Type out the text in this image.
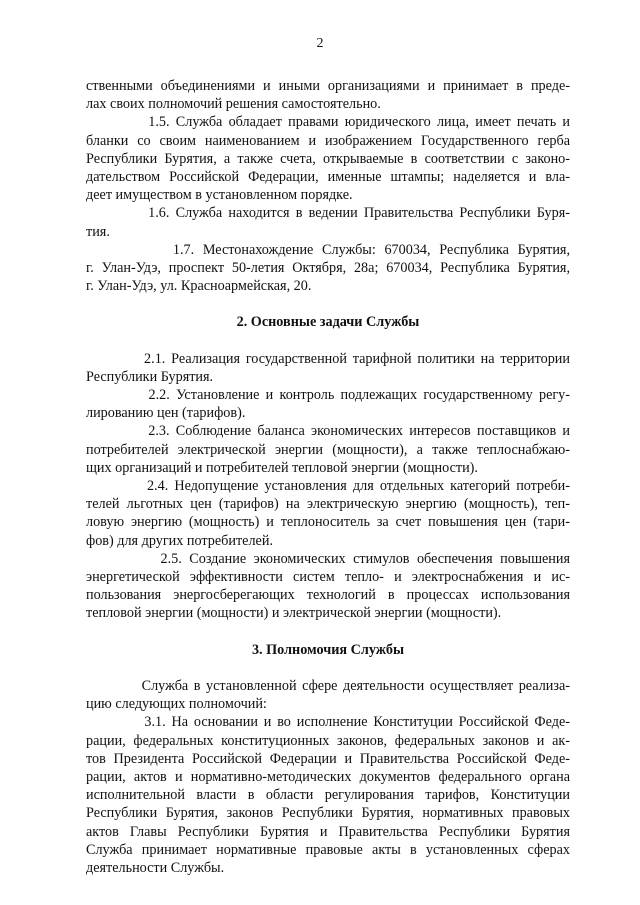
2

ственными объединениями и иными организациями и принимает в преде-
лах своих полномочий решения самостоятельно.

1.5. Служба обладает правами юридического лица, имеет печать и
бланки со своим наименованием и изображением Государственного герба
Республики Бурятия, а также счета, открываемые в соответствии с законо-
дательством Российской Федерации, именные штампы; наделяется и вла-
деет имуществом в установленном порядке.

1.6. Служба находится в ведении Правительства Республики Буря-
тия.

1.7. Местонахождение Службы: 670034, Республика Бурятия,
г. Улан-Удэ, проспект 50-летия Октября, 28а; 670034, Республика Бурятия,
г. Улан-Удэ, ул. Красноармейская, 20.

2. Основные задачи Службы

2.1. Реализация государственной тарифной политики на территории
Республики Бурятия.

2.2. Установление и контроль подлежащих государственному регу-
лированию цен (тарифов).

2.3. Соблюдение баланса экономических интересов поставщиков и
потребителей электрической энергии (мощности), а также теплоснабжаю-
щих организаций и потребителей тепловой энергии (мощности).

2.4. Недопущение установления для отдельных категорий потреби-
телей льготных цен (тарифов) на электрическую энергию (мощность), теп-
ловую энергию (мощность) и теплоноситель за счет повышения цен (тари-
фов) для других потребителей.

2.5. Создание экономических стимулов обеспечения повышения
энергетической эффективности систем тепло- и электроснабжения и ис-
пользования энергосберегающих технологий в процессах использования
тепловой энергии (мощности) и электрической энергии (мощности).

3. Полномочия Службы

Служба в установленной сфере деятельности осуществляет реализа-
цию следующих полномочий:

3.1. На основании и во исполнение Конституции Российской Феде-
рации, федеральных конституционных законов, федеральных законов и ак-
тов Президента Российской Федерации и Правительства Российской Феде-
рации, актов и нормативно-методических документов федерального органа
исполнительной власти в области регулирования тарифов, Конституции
Республики Бурятия, законов Республики Бурятия, нормативных правовых
актов Главы Республики Бурятия и Правительства Республики Бурятия
Служба принимает нормативные правовые акты в установленных сферах
деятельности Службы.
